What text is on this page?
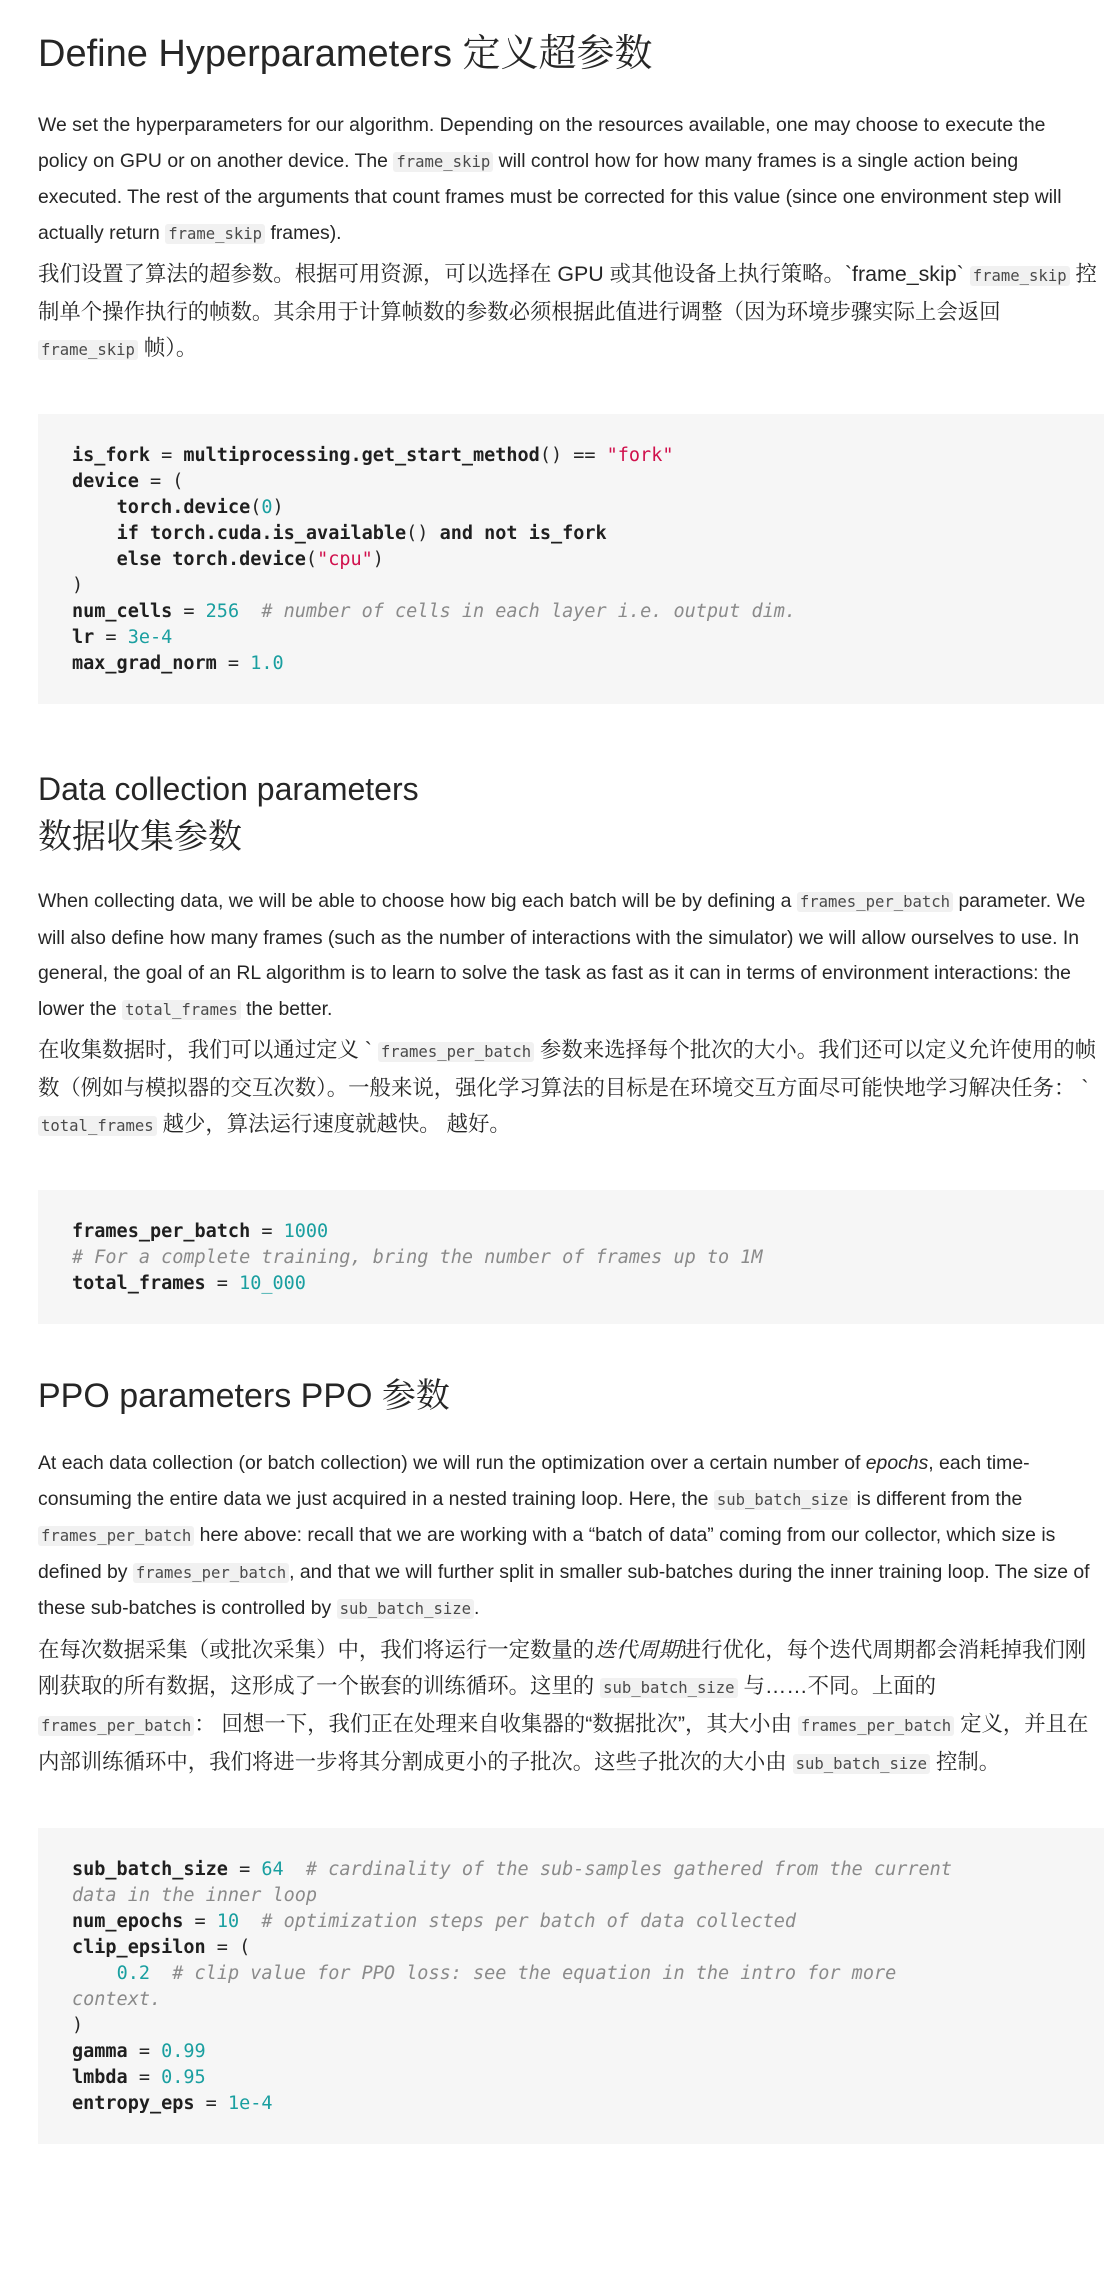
Define Hyperparameters 定义超参数

We set the hyperparameters for our algorithm. Depending on the resources available, one may choose to execute the policy on GPU or on another device. The frame_skip will control how for how many frames is a single action being executed. The rest of the arguments that count frames must be corrected for this value (since one environment step will actually return frame_skip frames).

我们设置了算法的超参数。根据可用资源，可以选择在 GPU 或其他设备上执行策略。`frame_skip` frame_skip 控制单个操作执行的帧数。其余用于计算帧数的参数必须根据此值进行调整（因为环境步骤实际上会返回 frame_skip 帧）。

is_fork = multiprocessing.get_start_method() == "fork"
device = (
torch.device(0)
if torch.cuda.is_available() and not is_fork
else torch.device("cpu")
)
num_cells = 256 # number of cells in each layer i.e. output dim.
lr = 3e-4
max_grad_norm = 1.0
Data collection parameters
数据收集参数

When collecting data, we will be able to choose how big each batch will be by defining a frames_per_batch parameter. We will also define how many frames (such as the number of interactions with the simulator) we will allow ourselves to use. In general, the goal of an RL algorithm is to learn to solve the task as fast as it can in terms of environment interactions: the lower the total_frames the better.

在收集数据时，我们可以通过定义 ` frames_per_batch 参数来选择每个批次的大小。我们还可以定义允许使用的帧数（例如与模拟器的交互次数）。一般来说，强化学习算法的目标是在环境交互方面尽可能快地学习解决任务： ` total_frames 越少，算法运行速度就越快。 越好。

frames_per_batch = 1000
# For a complete training, bring the number of frames up to 1M
total_frames = 10_000
PPO parameters PPO 参数

At each data collection (or batch collection) we will run the optimization over a certain number of epochs, each time-consuming the entire data we just acquired in a nested training loop. Here, the sub_batch_size is different from the frames_per_batch here above: recall that we are working with a “batch of data” coming from our collector, which size is defined by frames_per_batch , and that we will further split in smaller sub-batches during the inner training loop. The size of these sub-batches is controlled by sub_batch_size .

在每次数据采集（或批次采集）中，我们将运行一定数量的迭代周期进行优化，每个迭代周期都会消耗掉我们刚刚获取的所有数据，这形成了一个嵌套的训练循环。这里的 sub_batch_size 与……不同。上面的 frames_per_batch ： 回想一下，我们正在处理来自收集器的“数据批次”，其大小由 frames_per_batch 定义，并且在内部训练循环中，我们将进一步将其分割成更小的子批次。这些子批次的大小由 sub_batch_size 控制。

sub_batch_size = 64 # cardinality of the sub-samples gathered from the current
data in the inner loop
num_epochs = 10 # optimization steps per batch of data collected
clip_epsilon = (
0.2 # clip value for PPO loss: see the equation in the intro for more
context.
)
gamma = 0.99
lmbda = 0.95
entropy_eps = 1e-4
